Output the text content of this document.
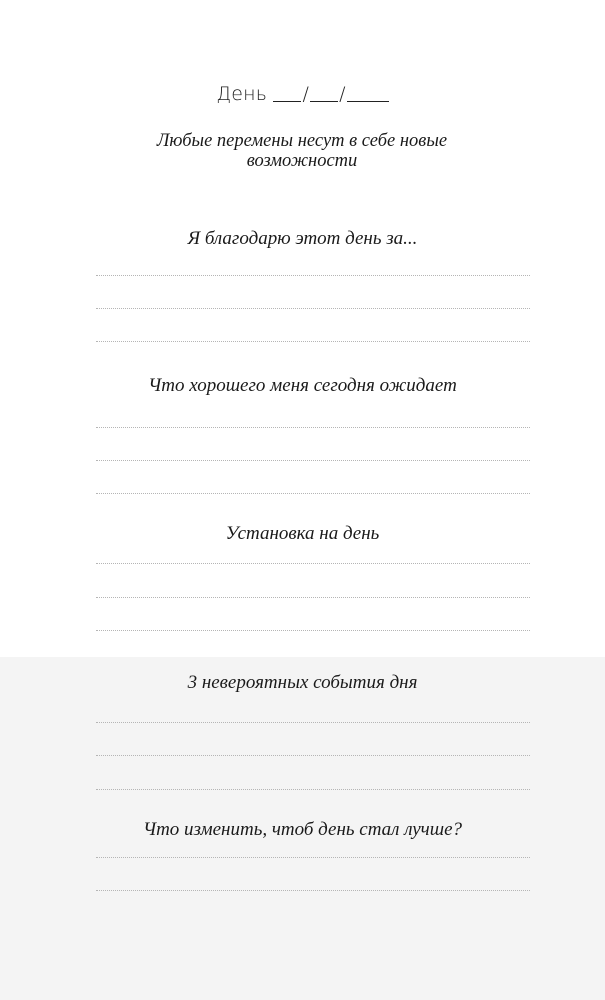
День / /
Любые перемены несут в себе новые возможности
Я благодарю этот день за...
Что хорошего меня сегодня ожидает
Установка на день
3 невероятных события дня
Что изменить, чтоб день стал лучше?
